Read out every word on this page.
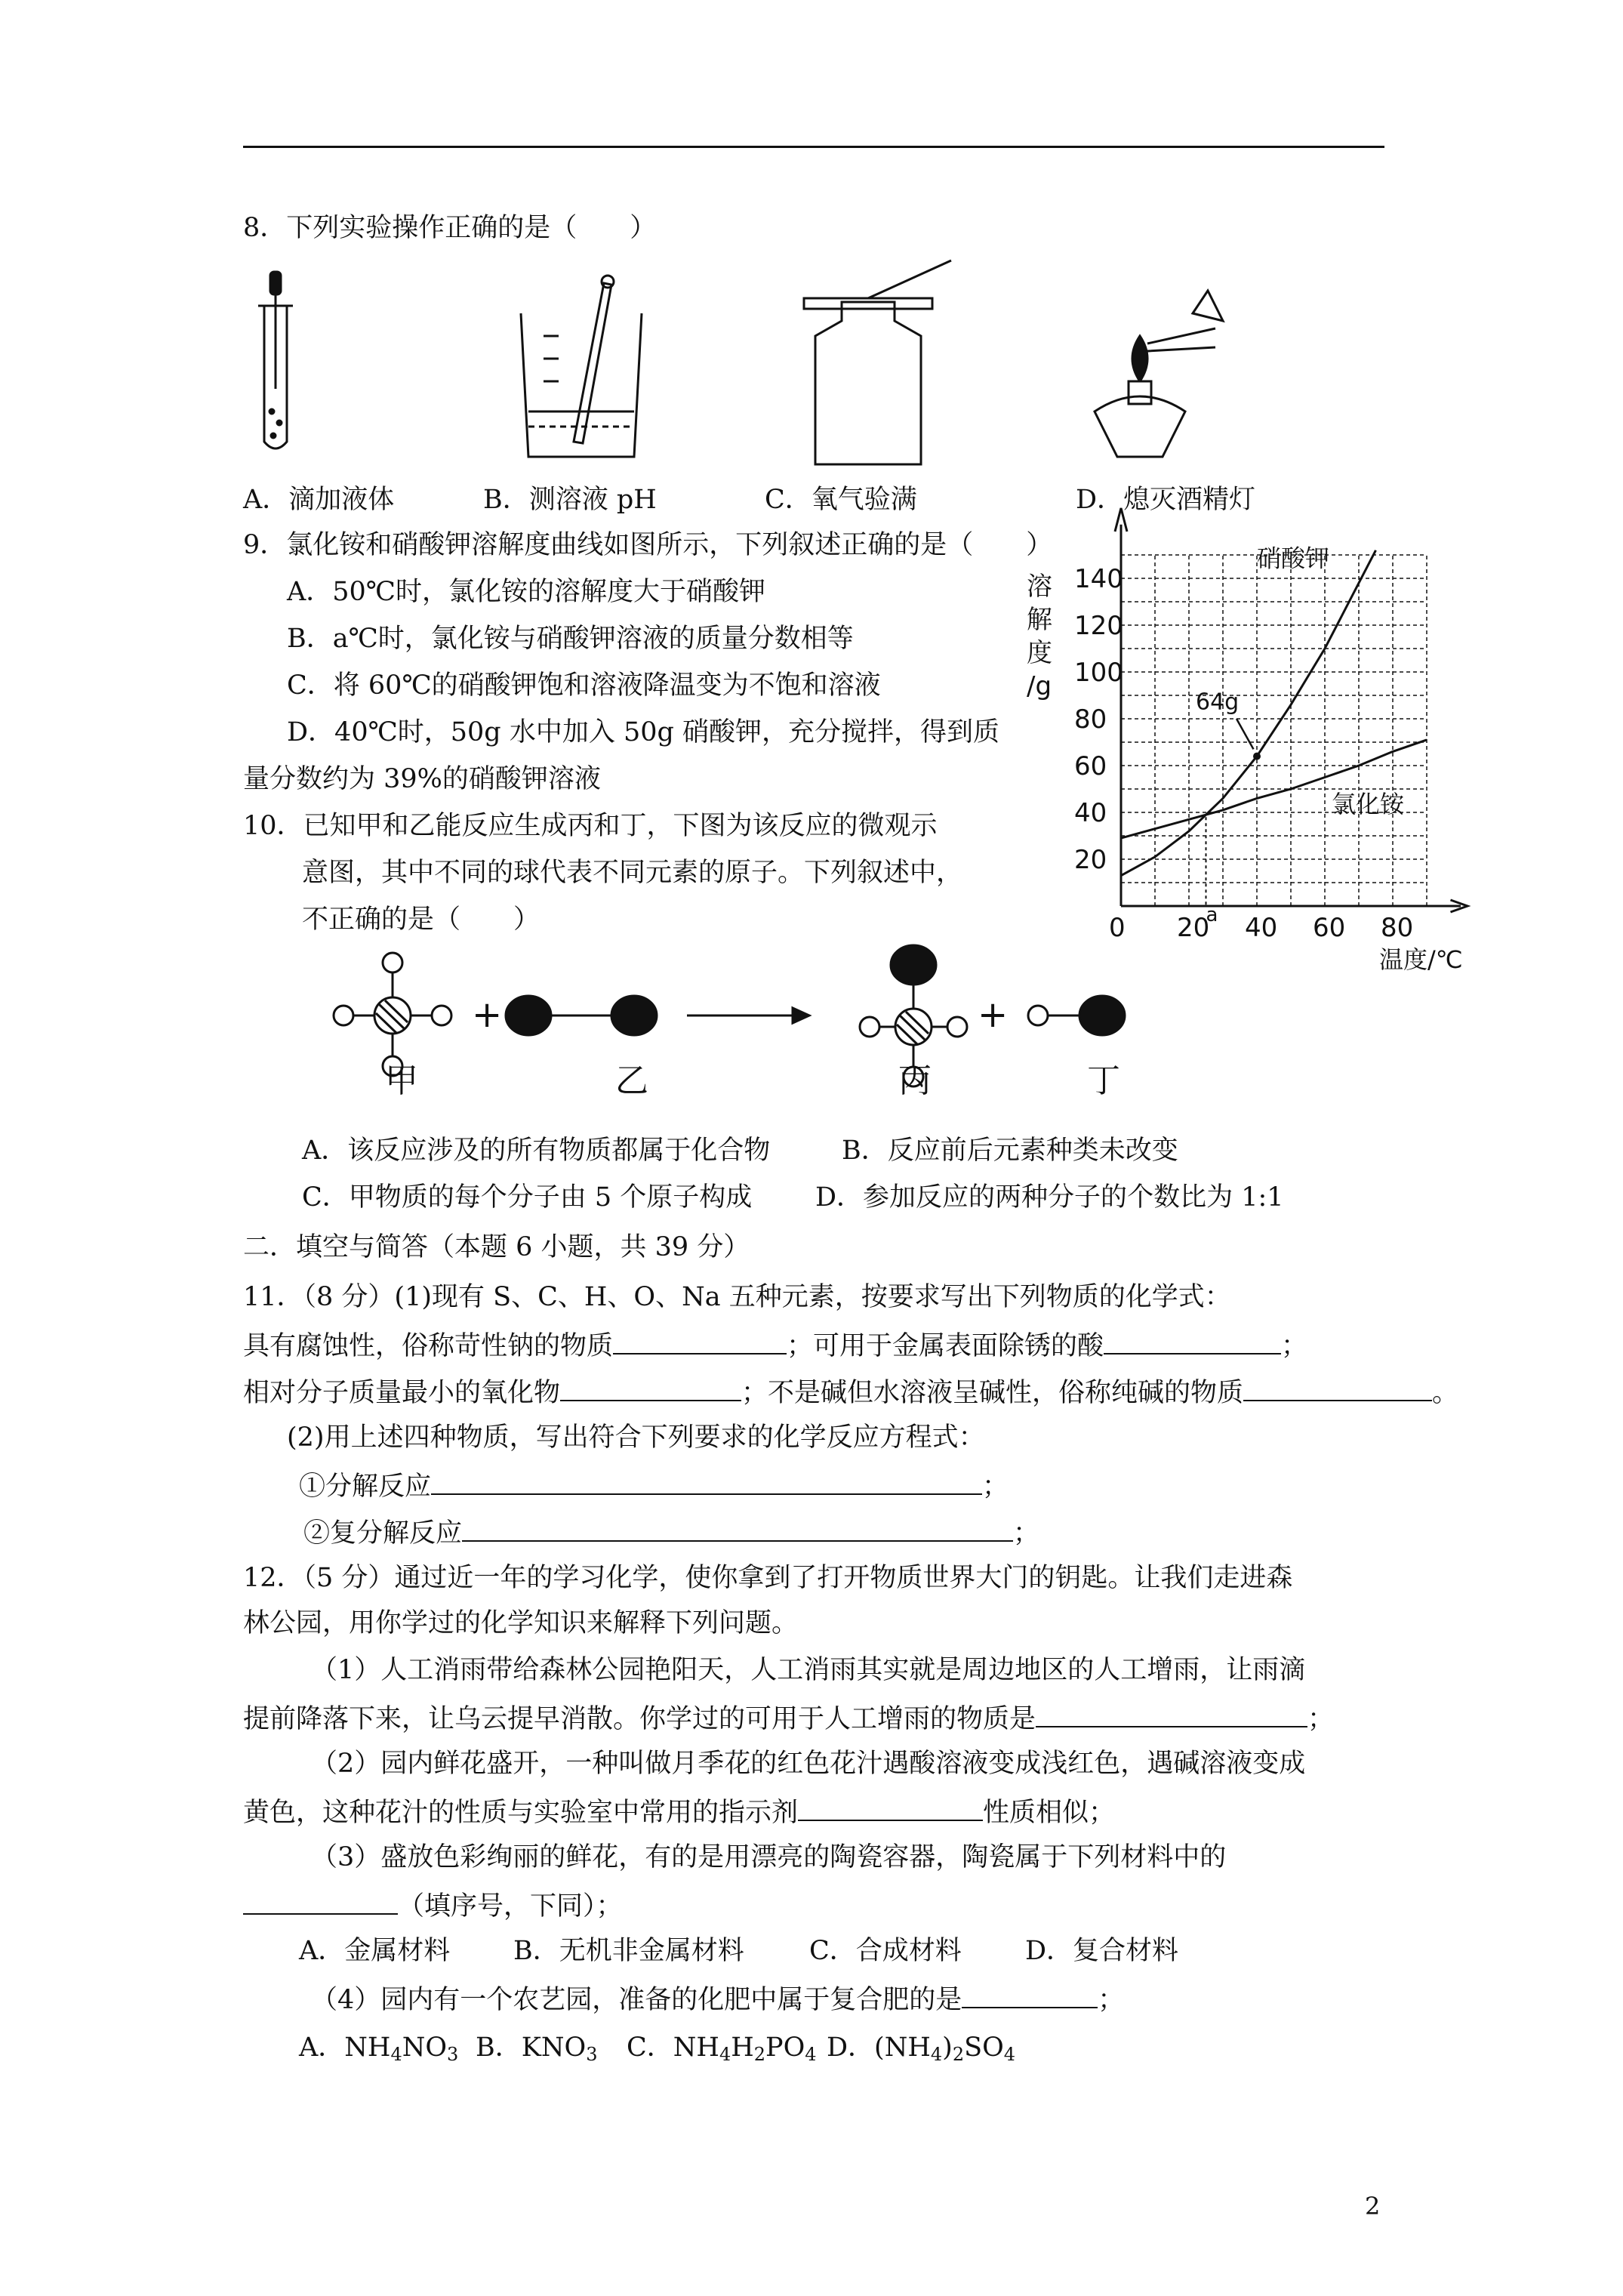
8．下列实验操作正确的是（　　）
A．滴加液体	B．测溶液 pH	C．氧气验满	D．熄灭酒精灯
9．氯化铵和硝酸钾溶解度曲线如图所示，下列叙述正确的是（　　）
A．50℃时，氯化铵的溶解度大于硝酸钾
B．a℃时，氯化铵与硝酸钾溶液的质量分数相等
C．将 60℃的硝酸钾饱和溶液降温变为不饱和溶液
D．40℃时，50g 水中加入 50g 硝酸钾，充分搅拌，得到质
量分数约为 39%的硝酸钾溶液
0 20
a 40 60 80
20
40
60
80
100
120
140
溶
解
度
/g
温度/℃
硝酸钾
氯化铵
64g
10．已知甲和乙能反应生成丙和丁，下图为该反应的微观示
意图，其中不同的球代表不同元素的原子。下列叙述中，
不正确的是（　　）
+	+
甲	乙	丙	丁
A．该反应涉及的所有物质都属于化合物	B．反应前后元素种类未改变
C．甲物质的每个分子由 5 个原子构成 D．参加反应的两种分子的个数比为 1:1
二．填空与简答（本题 6 小题，共 39 分）
11．（8 分）(1)现有 S、C、H、O、Na 五种元素，按要求写出下列物质的化学式：
具有腐蚀性，俗称苛性钠的物质	；可用于金属表面除锈的酸	；
相对分子质量最小的氧化物	；不是碱但水溶液呈碱性，俗称纯碱的物质	。
(2)用上述四种物质，写出符合下列要求的化学反应方程式：
①分解反应	；
②复分解反应	；
12．（5 分）通过近一年的学习化学，使你拿到了打开物质世界大门的钥匙。让我们走进森
林公园，用你学过的化学知识来解释下列问题。
（1）人工消雨带给森林公园艳阳天，人工消雨其实就是周边地区的人工增雨，让雨滴
提前降落下来，让乌云提早消散。你学过的可用于人工增雨的物质是	；
（2）园内鲜花盛开，一种叫做月季花的红色花汁遇酸溶液变成浅红色，遇碱溶液变成
黄色，这种花汁的性质与实验室中常用的指示剂	性质相似；
（3）盛放色彩绚丽的鲜花，有的是用漂亮的陶瓷容器，陶瓷属于下列材料中的
（填序号，下同）；
A．金属材料 B．无机非金属材料 C．合成材料 D．复合材料
（4）园内有一个农艺园，准备的化肥中属于复合肥的是	；
A．$NH_4NO_3$ B．$KNO_3$ C．$NH_4H_2PO_4$ D．$(NH_4)_2SO_4$
2
